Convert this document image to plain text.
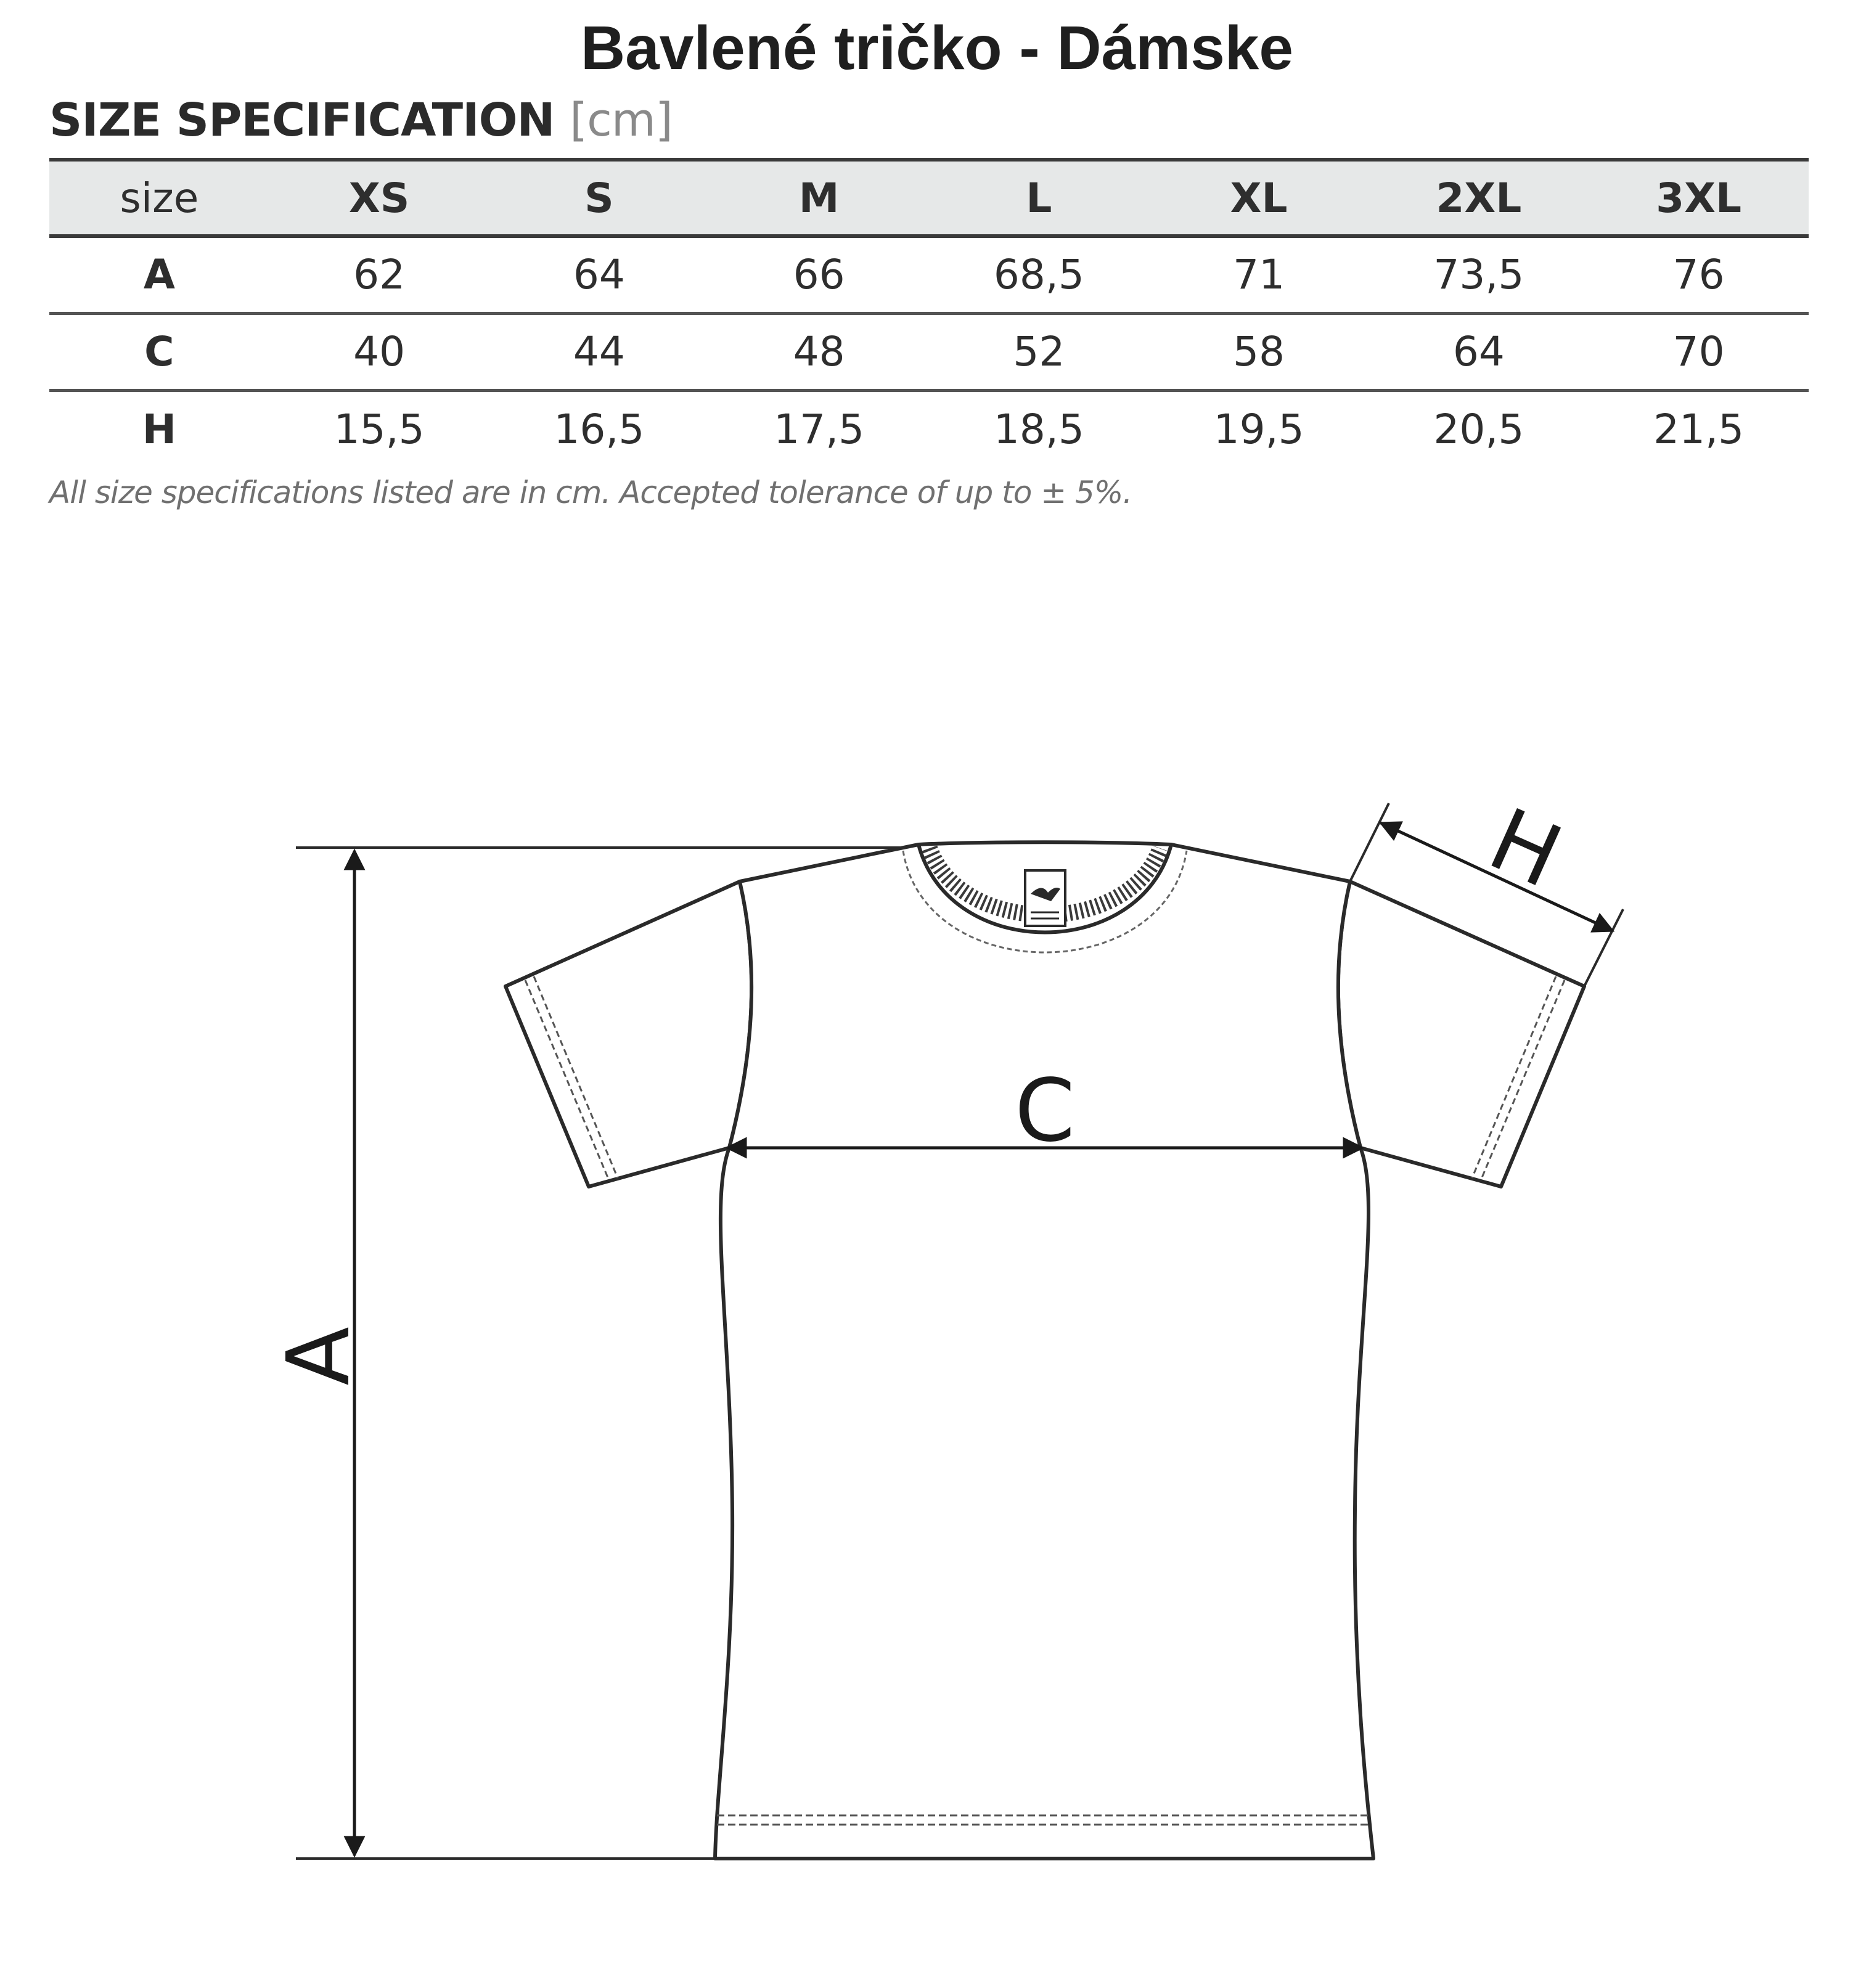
Bavlené tričko - Dámske
SIZE SPECIFICATION [cm]
size	XS	S	M	L	XL	2XL	3XL
A	62	64	66	68,5	71	73,5	76
C	40	44	48	52	58	64	70
H	15,5	16,5	17,5	18,5	19,5	20,5	21,5
All size specifications listed are in cm. Accepted tolerance of up to ± 5%.
A
C
H
